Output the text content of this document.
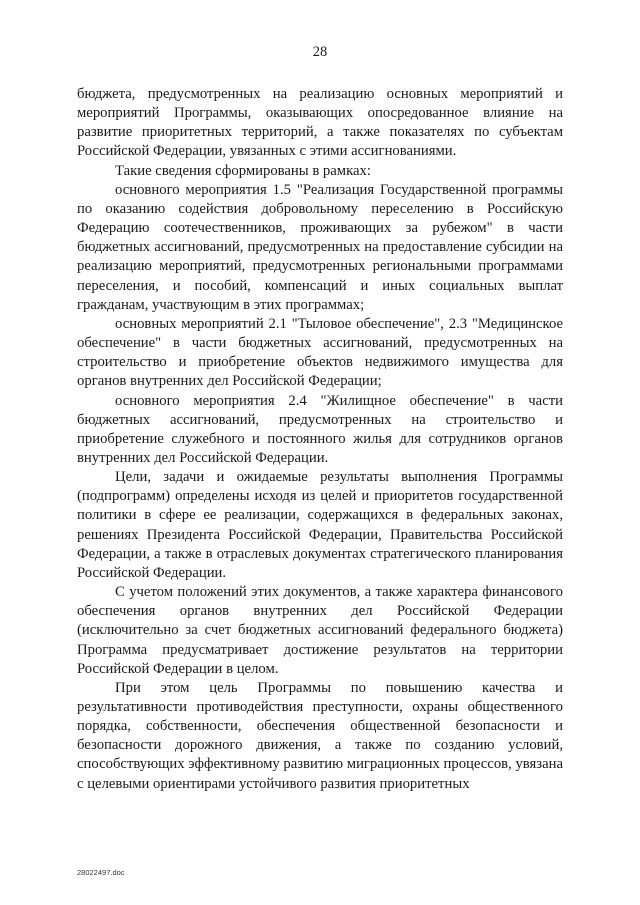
28

бюджета, предусмотренных на реализацию основных мероприятий и мероприятий Программы, оказывающих опосредованное влияние на развитие приоритетных территорий, а также показателях по субъектам Российской Федерации, увязанных с этими ассигнованиями.

Такие сведения сформированы в рамках:

основного мероприятия 1.5 "Реализация Государственной программы по оказанию содействия добровольному переселению в Российскую Федерацию соотечественников, проживающих за рубежом" в части бюджетных ассигнований, предусмотренных на предоставление субсидии на реализацию мероприятий, предусмотренных региональными программами переселения, и пособий, компенсаций и иных социальных выплат гражданам, участвующим в этих программах;

основных мероприятий 2.1 "Тыловое обеспечение", 2.3 "Медицинское обеспечение" в части бюджетных ассигнований, предусмотренных на строительство и приобретение объектов недвижимого имущества для органов внутренних дел Российской Федерации;

основного мероприятия 2.4 "Жилищное обеспечение" в части бюджетных ассигнований, предусмотренных на строительство и приобретение служебного и постоянного жилья для сотрудников органов внутренних дел Российской Федерации.

Цели, задачи и ожидаемые результаты выполнения Программы (подпрограмм) определены исходя из целей и приоритетов государственной политики в сфере ее реализации, содержащихся в федеральных законах, решениях Президента Российской Федерации, Правительства Российской Федерации, а также в отраслевых документах стратегического планирования Российской Федерации.

С учетом положений этих документов, а также характера финансового обеспечения органов внутренних дел Российской Федерации (исключительно за счет бюджетных ассигнований федерального бюджета) Программа предусматривает достижение результатов на территории Российской Федерации в целом.

При этом цель Программы по повышению качества и результативности противодействия преступности, охраны общественного порядка, собственности, обеспечения общественной безопасности и безопасности дорожного движения, а также по созданию условий, способствующих эффективному развитию миграционных процессов, увязана с целевыми ориентирами устойчивого развития приоритетных

28022497.doc
